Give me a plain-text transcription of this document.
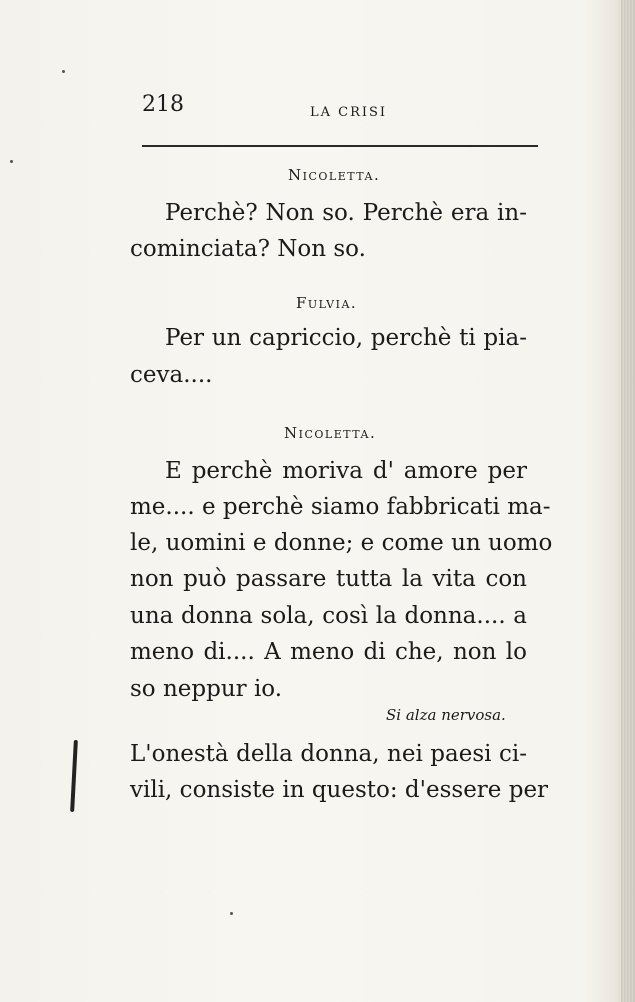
218	LA CRISI
Nicoletta.
Perchè? Non so. Perchè era in-
cominciata? Non so.
Fulvia.
Per un capriccio, perchè ti pia-
ceva....
Nicoletta.
E perchè moriva d' amore per
me.... e perchè siamo fabbricati ma-
le, uomini e donne; e come un uomo
non può passare tutta la vita con
una donna sola, così la donna.... a
meno di.... A meno di che, non lo
so neppur io.
Si alza nervosa.
L'onestà della donna, nei paesi ci-
vili, consiste in questo: d'essere per
